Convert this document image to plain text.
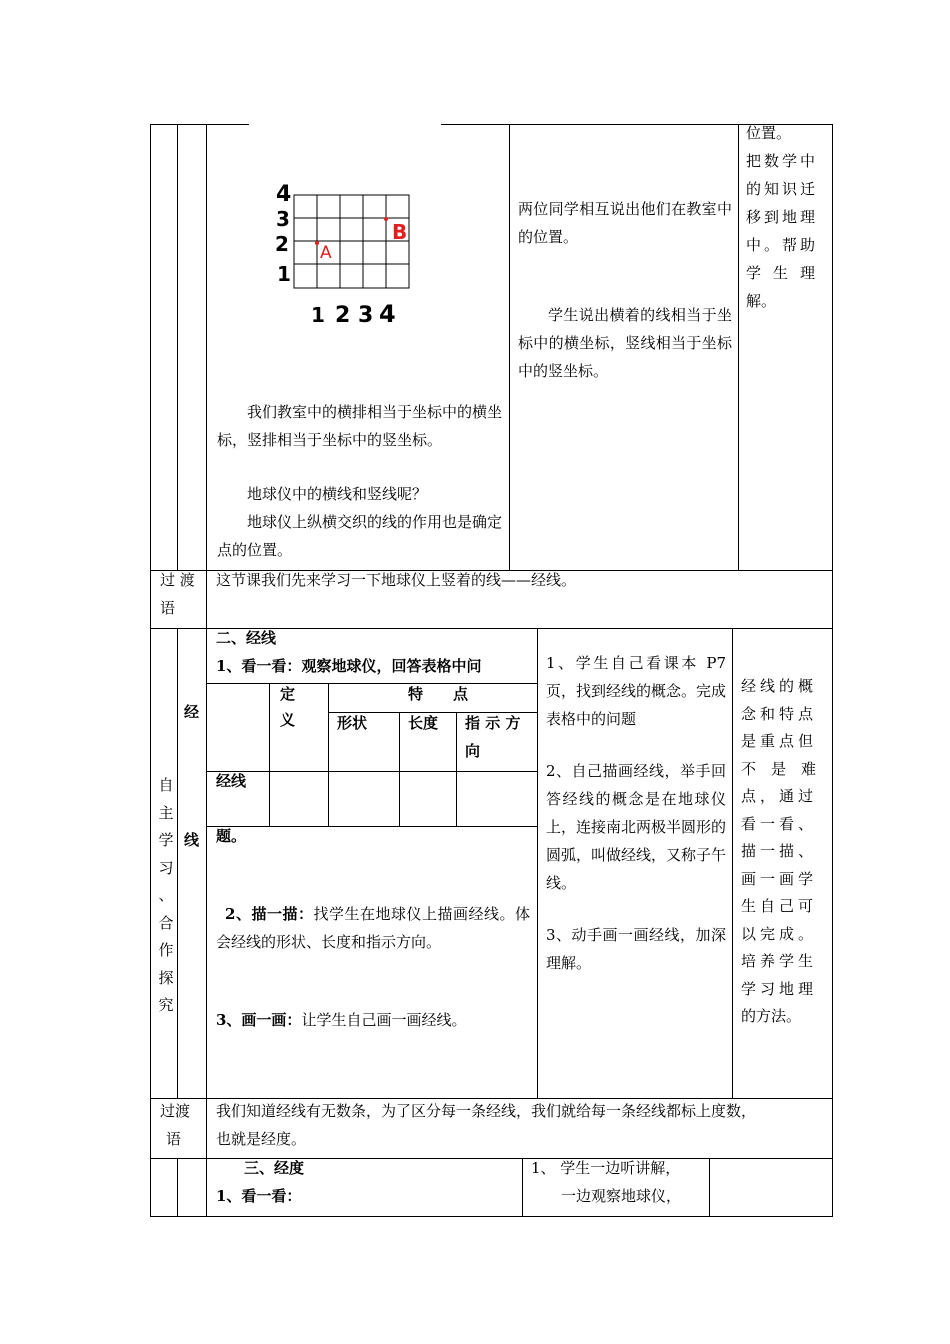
4
3
2
1
1 2 3 4
A
B
我们教室中的横排相当于坐标中的横坐标，竖排相当于坐标中的竖坐标。
地球仪中的横线和竖线呢？
地球仪上纵横交织的线的作用也是确定点的位置。
两位同学相互说出他们在教室中的位置。
学生说出横着的线相当于坐标中的横坐标，竖线相当于坐标中的竖坐标。
位置。
把数学中
的知识迁
移到地理
中。帮助
学生理
解。
过 渡
语
这节课我们先来学习一下地球仪上竖着的线——经线。
自
主
学
习
、
合
作
探
究
经
线
二、经线
1、看一看：观察地球仪，回答表格中问
定
义
特　　点
形状	长度 指 示 方
向
经线
题。
2、描一描：找学生在地球仪上描画经线。体会经线的形状、长度和指示方向。
3、画一画：让学生自己画一画经线。
1、学生自己看课本 P7 页，找到经线的概念。完成表格中的问题
2、自己描画经线，举手回答经线的概念是在地球仪上，连接南北两极半圆形的圆弧，叫做经线，又称子午线。
3、动手画一画经线，加深理解。
经线的概
念和特点
是重点但
不　是　难
点，通过
看一看、
描一描、
画一画学
生自己可
以完成。
培养学生
学习地理
的方法。
过渡
语
我们知道经线有无数条，为了区分每一条经线，我们就给每一条经线都标上度数，
也就是经度。
三、经度
1、看一看：
1、 学生一边听讲解，
一边观察地球仪，
